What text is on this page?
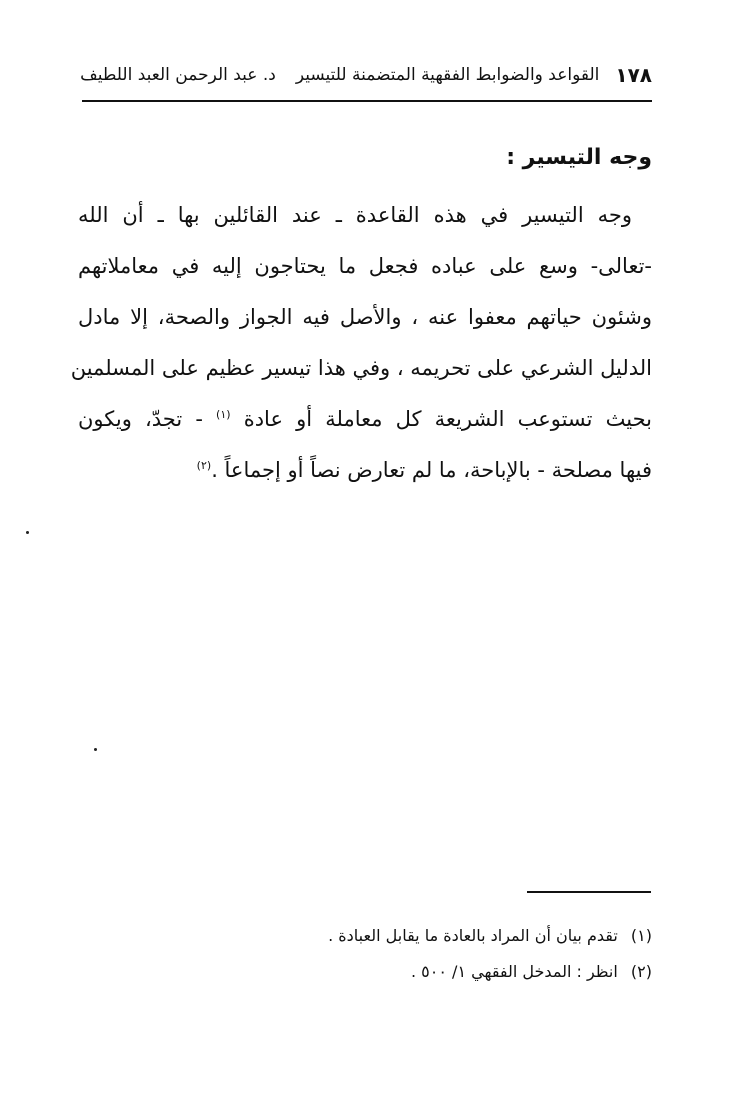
١٧٨
القواعد والضوابط الفقهية المتضمنة للتيسير
د. عبد الرحمن العبد اللطيف
وجه التيسير :
وجه التيسير في هذه القاعدة ـ عند القائلين بها ـ أن الله
-تعالى- وسع على عباده فجعل ما يحتاجون إليه في معاملاتهم
وشئون حياتهم معفوا عنه ، والأصل فيه الجواز والصحة، إلا مادل
الدليل الشرعي على تحريمه ، وفي هذا تيسير عظيم على المسلمين
بحيث تستوعب الشريعة كل معاملة أو عادة $^{(١)}$ - تجدّ، ويكون
فيها مصلحة - بالإباحة، ما لم تعارض نصاً أو إجماعاً .$^{(٢)}$
(١) تقدم بيان أن المراد بالعادة ما يقابل العبادة .
(٢) انظر : المدخل الفقهي ١/ ٥٠٠ .
